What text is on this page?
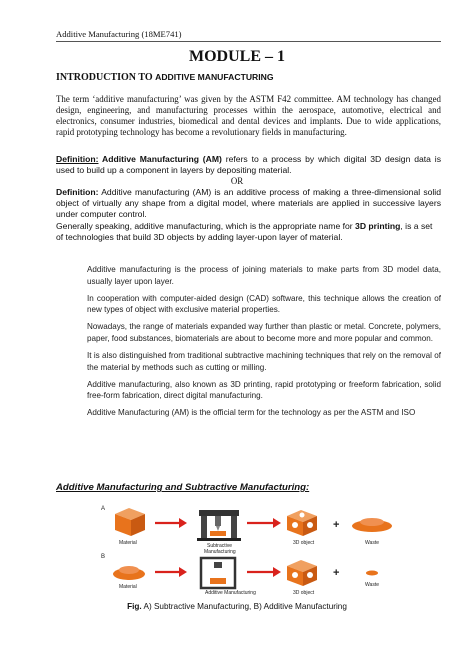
Additive Manufacturing (18ME741)
MODULE – 1
INTRODUCTION TO ADDITIVE MANUFACTURING

The term ‘additive manufacturing’ was given by the ASTM F42 committee. AM technology has changed design, engineering, and manufacturing processes within the aerospace, automotive, electrical and electronics, consumer industries, biomedical and dental devices and implants. Due to wide applications, rapid prototyping technology has become a revolutionary fields in manufacturing.

Definition: Additive Manufacturing (AM) refers to a process by which digital 3D design data is used to build up a component in layers by depositing material.

OR

Definition: Additive manufacturing (AM) is an additive process of making a three-dimensional solid object of virtually any shape from a digital model, where materials are applied in successive layers under computer control.

Generally speaking, additive manufacturing, which is the appropriate name for 3D printing, is a set of technologies that build 3D objects by adding layer-upon layer of material.

Additive manufacturing is the process of joining materials to make parts from 3D model data, usually layer upon layer.
In cooperation with computer-aided design (CAD) software, this technique allows the creation of new types of object with exclusive material properties.
Nowadays, the range of materials expanded way further than plastic or metal. Concrete, polymers, paper, food substances, biomaterials are about to become more and more popular and common.
It is also distinguished from traditional subtractive machining techniques that rely on the removal of the material by methods such as cutting or milling.
Additive manufacturing, also known as 3D printing, rapid prototyping or freeform fabrication, solid free-form fabrication, direct digital manufacturing.
Additive Manufacturing (AM) is the official term for the technology as per the ASTM and ISO
Additive Manufacturing and Subtractive Manufacturing:
A
Material	Subtractive
Manufacturing
3D object
+
Waste
B
Material
Additive Manufacturing	3D object
+
Waste
Fig. A) Subtractive Manufacturing, B) Additive Manufacturing
